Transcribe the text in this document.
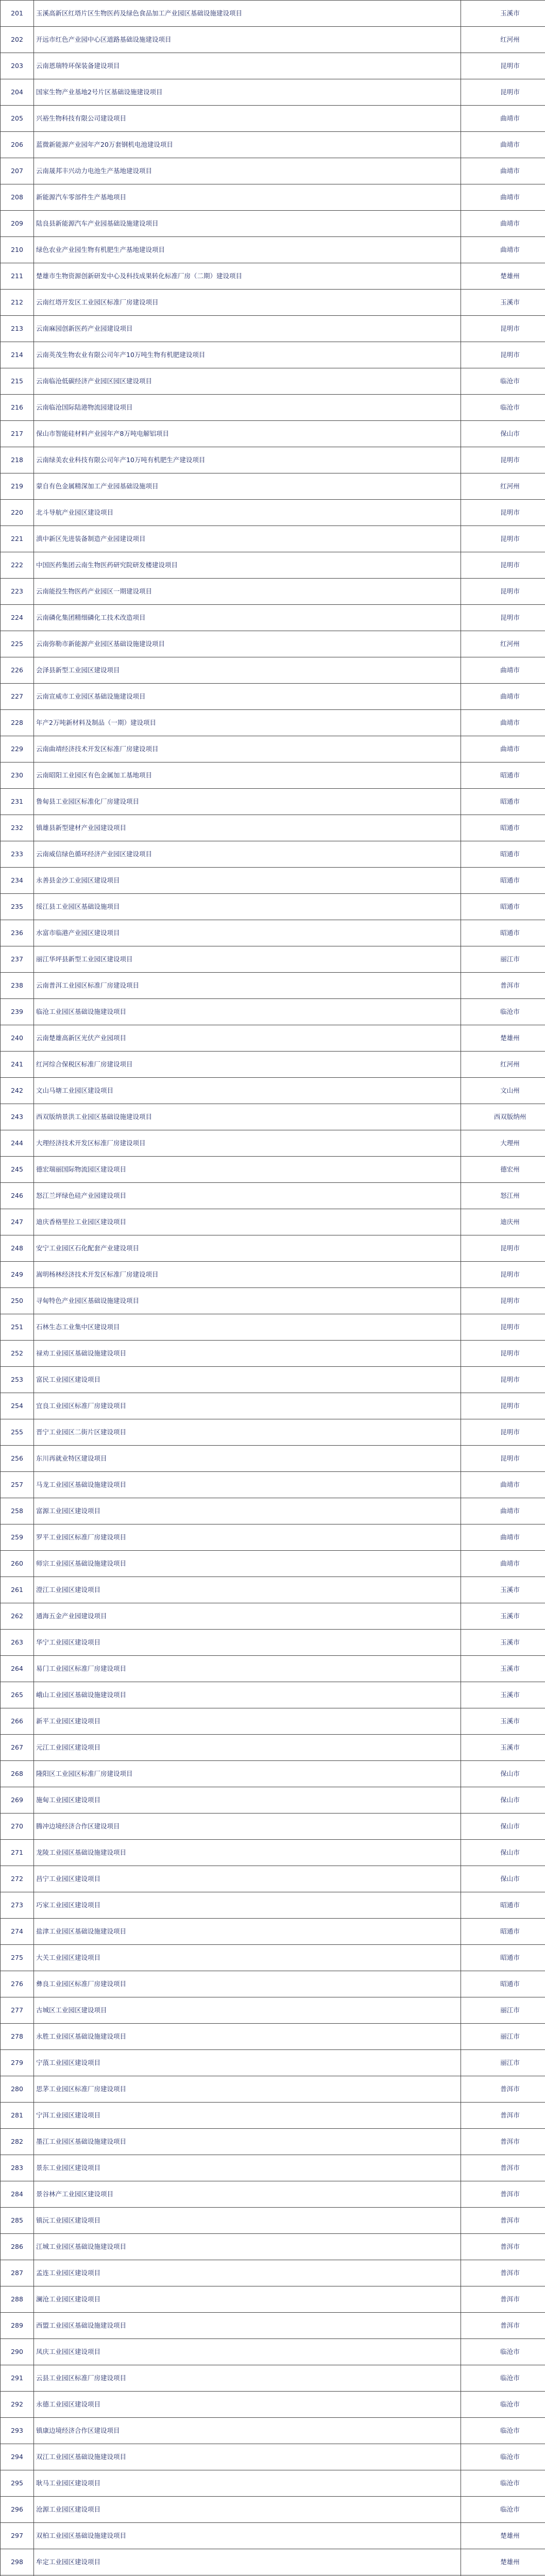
201	玉溪高新区红塔片区生物医药及绿色食品加工产业园区基础设施建设项目	玉溪市
202	开远市红色产业园中心区道路基础设施建设项目	红河州
203	云南恩瑞特环保装备建设项目	昆明市
204	国家生物产业基地2号片区基础设施建设项目	昆明市
205	兴裕生物科技有限公司建设项目	曲靖市
206	蓝微新能源产业园年产20万套钢机电池建设项目	曲靖市
207	云南晟邦丰兴动力电池生产基地建设项目	曲靖市
208	新能源汽车零部件生产基地项目	曲靖市
209	陆良县新能源汽车产业园基础设施建设项目	曲靖市
210	绿色农业产业园生物有机肥生产基地建设项目	曲靖市
211	楚雄市生物资源创新研发中心及科技成果转化标准厂房（二期）建设项目	楚雄州
212	云南红塔开发区工业园区标准厂房建设项目	玉溪市
213	云南麻园创新医药产业园建设项目	昆明市
214	云南英茂生物农业有限公司年产10万吨生物有机肥建设项目	昆明市
215	云南临沧低碳经济产业园区园区建设项目	临沧市
216	云南临沧国际陆港物流园建设项目	临沧市
217	保山市智能硅材料产业园年产8万吨电解铝项目	保山市
218	云南绿美农业科技有限公司年产10万吨有机肥生产建设项目	昆明市
219	蒙自有色金属精深加工产业园基础设施项目	红河州
220	北斗导航产业园区建设项目	昆明市
221	滇中新区先进装备制造产业园建设项目	昆明市
222	中国医药集团云南生物医药研究院研发楼建设项目	昆明市
223	云南能投生物医药产业园区一期建设项目	昆明市
224	云南磷化集团精细磷化工技术改造项目	昆明市
225	云南弥勒市新能源产业园区基础设施建设项目	红河州
226	会泽县新型工业园区建设项目	曲靖市
227	云南宣威市工业园区基础设施建设项目	曲靖市
228	年产2万吨新材料及制品（一期）建设项目	曲靖市
229	云南曲靖经济技术开发区标准厂房建设项目	曲靖市
230	云南昭阳工业园区有色金属加工基地项目	昭通市
231	鲁甸县工业园区标准化厂房建设项目	昭通市
232	镇雄县新型建材产业园建设项目	昭通市
233	云南威信绿色循环经济产业园区建设项目	昭通市
234	永善县金沙工业园区建设项目	昭通市
235	绥江县工业园区基础设施项目	昭通市
236	水富市临港产业园区建设项目	昭通市
237	丽江华坪县新型工业园区建设项目	丽江市
238	云南普洱工业园区标准厂房建设项目	普洱市
239	临沧工业园区基础设施建设项目	临沧市
240	云南楚雄高新区光伏产业园项目	楚雄州
241	红河综合保税区标准厂房建设项目	红河州
242	文山马塘工业园区建设项目	文山州
243	西双版纳景洪工业园区基础设施建设项目	西双版纳州
244	大理经济技术开发区标准厂房建设项目	大理州
245	德宏瑞丽国际物流园区建设项目	德宏州
246	怒江兰坪绿色硅产业园建设项目	怒江州
247	迪庆香格里拉工业园区建设项目	迪庆州
248	安宁工业园区石化配套产业建设项目	昆明市
249	嵩明杨林经济技术开发区标准厂房建设项目	昆明市
250	寻甸特色产业园区基础设施建设项目	昆明市
251	石林生态工业集中区建设项目	昆明市
252	禄劝工业园区基础设施建设项目	昆明市
253	富民工业园区建设项目	昆明市
254	宜良工业园区标准厂房建设项目	昆明市
255	晋宁工业园区二街片区建设项目	昆明市
256	东川再就业特区建设项目	昆明市
257	马龙工业园区基础设施建设项目	曲靖市
258	富源工业园区建设项目	曲靖市
259	罗平工业园区标准厂房建设项目	曲靖市
260	师宗工业园区基础设施建设项目	曲靖市
261	澄江工业园区建设项目	玉溪市
262	通海五金产业园建设项目	玉溪市
263	华宁工业园区建设项目	玉溪市
264	易门工业园区标准厂房建设项目	玉溪市
265	峨山工业园区基础设施建设项目	玉溪市
266	新平工业园区建设项目	玉溪市
267	元江工业园区建设项目	玉溪市
268	隆阳区工业园区标准厂房建设项目	保山市
269	施甸工业园区建设项目	保山市
270	腾冲边境经济合作区建设项目	保山市
271	龙陵工业园区基础设施建设项目	保山市
272	昌宁工业园区建设项目	保山市
273	巧家工业园区建设项目	昭通市
274	盐津工业园区基础设施建设项目	昭通市
275	大关工业园区建设项目	昭通市
276	彝良工业园区标准厂房建设项目	昭通市
277	古城区工业园区建设项目	丽江市
278	永胜工业园区基础设施建设项目	丽江市
279	宁蒗工业园区建设项目	丽江市
280	思茅工业园区标准厂房建设项目	普洱市
281	宁洱工业园区建设项目	普洱市
282	墨江工业园区基础设施建设项目	普洱市
283	景东工业园区建设项目	普洱市
284	景谷林产工业园区建设项目	普洱市
285	镇沅工业园区建设项目	普洱市
286	江城工业园区基础设施建设项目	普洱市
287	孟连工业园区建设项目	普洱市
288	澜沧工业园区建设项目	普洱市
289	西盟工业园区基础设施建设项目	普洱市
290	凤庆工业园区建设项目	临沧市
291	云县工业园区标准厂房建设项目	临沧市
292	永德工业园区建设项目	临沧市
293	镇康边境经济合作区建设项目	临沧市
294	双江工业园区基础设施建设项目	临沧市
295	耿马工业园区建设项目	临沧市
296	沧源工业园区建设项目	临沧市
297	双柏工业园区基础设施建设项目	楚雄州
298	牟定工业园区建设项目	楚雄州
